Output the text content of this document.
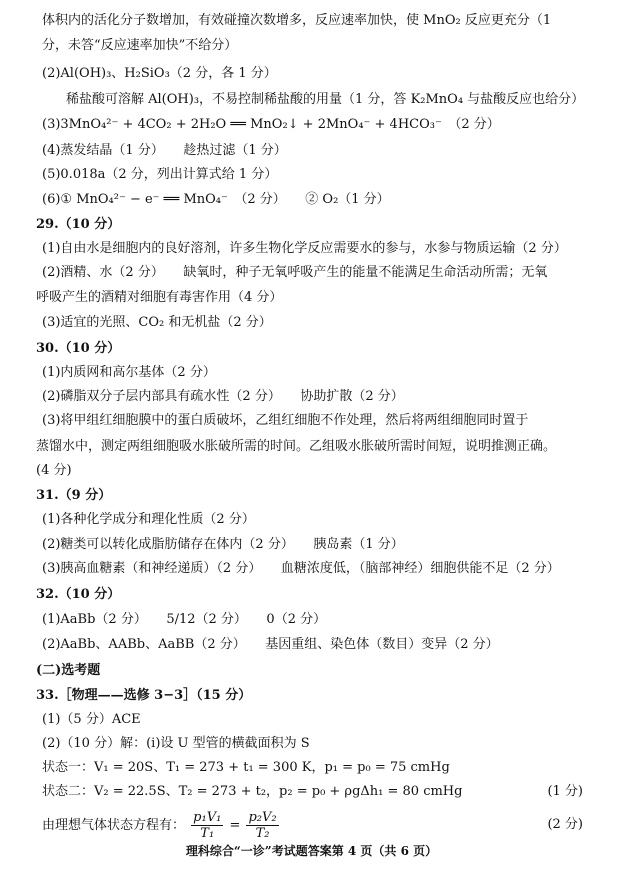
体积内的活化分子数增加，有效碰撞次数增多，反应速率加快，使 MnO₂ 反应更充分（1
分，未答“反应速率加快”不给分）
(2)Al(OH)₃、H₂SiO₃（2 分，各 1 分）
稀盐酸可溶解 Al(OH)₃，不易控制稀盐酸的用量（1 分，答 K₂MnO₄ 与盐酸反应也给分）
(3)3MnO₄²⁻ + 4CO₂ + 2H₂O ══ MnO₂↓ + 2MnO₄⁻ + 4HCO₃⁻　（2 分）
(4)蒸发结晶（1 分）　　趁热过滤（1 分）
(5)0.018a（2 分，列出计算式给 1 分）
(6)① MnO₄²⁻ − e⁻ ══ MnO₄⁻　（2 分）　　② O₂（1 分）
29.（10 分）
(1)自由水是细胞内的良好溶剂，许多生物化学反应需要水的参与，水参与物质运输（2 分）
(2)酒精、水（2 分）　　缺氧时，种子无氧呼吸产生的能量不能满足生命活动所需；无氧
呼吸产生的酒精对细胞有毒害作用（4 分）
(3)适宜的光照、CO₂ 和无机盐（2 分）
30.（10 分）
(1)内质网和高尔基体（2 分）
(2)磷脂双分子层内部具有疏水性（2 分）　　协助扩散（2 分）
(3)将甲组红细胞膜中的蛋白质破坏，乙组红细胞不作处理，然后将两组细胞同时置于
蒸馏水中，测定两组细胞吸水胀破所需的时间。乙组吸水胀破所需时间短，说明推测正确。
(4 分)
31.（9 分）
(1)各种化学成分和理化性质（2 分）
(2)糖类可以转化成脂肪储存在体内（2 分）　　胰岛素（1 分）
(3)胰高血糖素（和神经递质）（2 分）　　血糖浓度低，（脑部神经）细胞供能不足（2 分）
32.（10 分）
(1)AaBb（2 分）　　5/12（2 分）　　0（2 分）
(2)AaBb、AABb、AaBB（2 分）　　基因重组、染色体（数目）变异（2 分）
(二)选考题
33.［物理——选修 3−3］（15 分）
(1)（5 分）ACE
(2)（10 分）解：(i)设 U 型管的横截面积为 S
状态一：V₁ = 20S、T₁ = 273 + t₁ = 300 K，p₁ = p₀ = 75 cmHg
状态二：V₂ = 22.5S、T₂ = 273 + t₂，p₂ = p₀ + ρgΔh₁ = 80 cmHg	(1 分)
由理想气体状态方程有： $\frac{\text{p₁V₁}}{\text{T₁}} = \frac{\text{p₂V₂}}{\text{T₂}}$	(2 分)
理科综合“一诊”考试题答案第 4 页（共 6 页）
